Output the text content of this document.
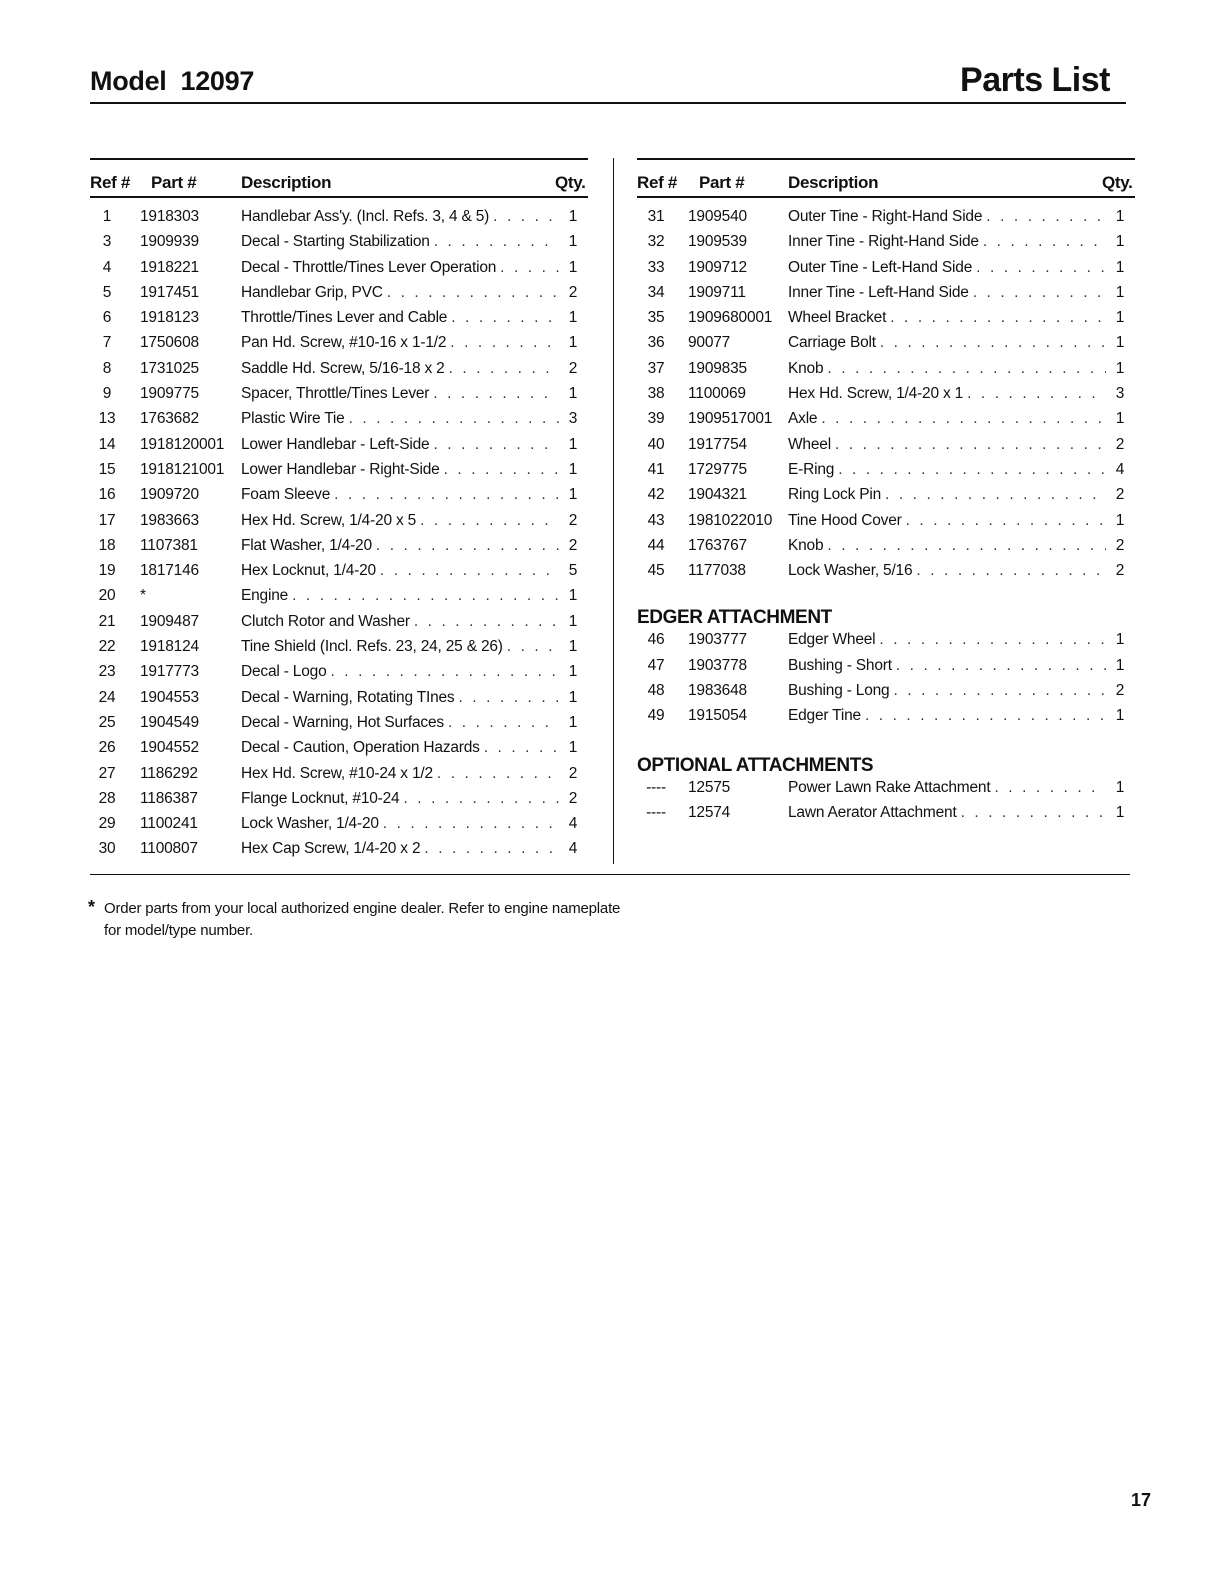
Model 12097	Parts List
Ref # Part #	Description	Qty.
1	1918303	Handlebar Ass'y. (Incl. Refs. 3, 4 & 5) . . .	1
3	1909939	Decal - Starting Stabilization . . .	1
4	1918221	Decal - Throttle/Tines Lever Operation . . .	1
5	1917451	Handlebar Grip, PVC . . .	2
6	1918123	Throttle/Tines Lever and Cable . . .	1
7	1750608	Pan Hd. Screw, #10-16 x 1-1/2 . . .	1
8	1731025	Saddle Hd. Screw, 5/16-18 x 2 . . .	2
9	1909775	Spacer, Throttle/Tines Lever . . .	1
13	1763682	Plastic Wire Tie . . .	3
14	1918120001 Lower Handlebar - Left-Side . . .	1
15	1918121001 Lower Handlebar - Right-Side . . .	1
16	1909720	Foam Sleeve . . .	1
17	1983663	Hex Hd. Screw, 1/4-20 x 5 . . .	2
18	1107381	Flat Washer, 1/4-20 . . .	2
19	1817146	Hex Locknut, 1/4-20 . . .	5
20	*	Engine . . .	1
21	1909487	Clutch Rotor and Washer . . .	1
22	1918124	Tine Shield (Incl. Refs. 23, 24, 25 & 26) . . .	1
23	1917773	Decal - Logo . . .	1
24	1904553	Decal - Warning, Rotating TInes . . .	1
25	1904549	Decal - Warning, Hot Surfaces . . .	1
26	1904552	Decal - Caution, Operation Hazards . . .	1
27	1186292	Hex Hd. Screw, #10-24 x 1/2 . . .	2
28	1186387	Flange Locknut, #10-24 . . .	2
29	1100241	Lock Washer, 1/4-20 . . .	4
30	1100807	Hex Cap Screw, 1/4-20 x 2 . . .	4
Ref # Part #	Description	Qty.
31	1909540	Outer Tine - Right-Hand Side . . .	1
32	1909539	Inner Tine - Right-Hand Side . . .	1
33	1909712	Outer Tine - Left-Hand Side . . .	1
34	1909711	Inner Tine - Left-Hand Side . . .	1
35	1909680001 Wheel Bracket . . .	1
36	90077	Carriage Bolt . . .	1
37	1909835	Knob . . .	1
38	1100069	Hex Hd. Screw, 1/4-20 x 1 . . .	3
39	1909517001 Axle . . .	1
40	1917754	Wheel . . .	2
41	1729775	E-Ring . . .	4
42	1904321	Ring Lock Pin . . .	2
43	1981022010 Tine Hood Cover . . .	1
44	1763767	Knob . . .	2
45	1177038	Lock Washer, 5/16 . . .	2
EDGER ATTACHMENT
46	1903777	Edger Wheel . . .	1
47	1903778	Bushing - Short . . .	1
48	1983648	Bushing - Long . . .	2
49	1915054	Edger Tine . . .	1
OPTIONAL ATTACHMENTS
----	12575	Power Lawn Rake Attachment . . .	1
----	12574	Lawn Aerator Attachment . . .	1
* Order parts from your local authorized engine dealer. Refer to engine nameplate
for model/type number.
17
